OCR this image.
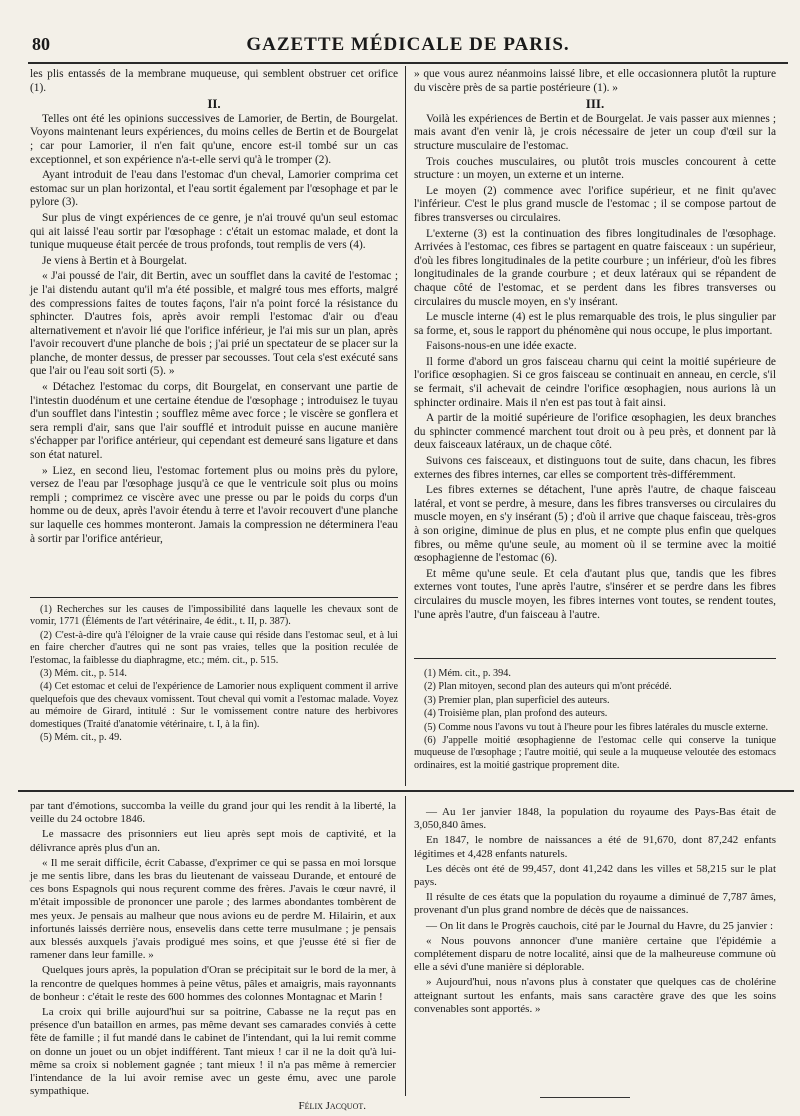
80	GAZETTE MÉDICALE DE PARIS.

les plis entassés de la membrane muqueuse, qui semblent obstruer cet orifice (1).

II.

Telles ont été les opinions successives de Lamorier, de Bertin, de Bourgelat. Voyons maintenant leurs expériences, du moins celles de Bertin et de Bourgelat ; car pour Lamorier, il n'en fait qu'une, encore est-il tombé sur un cas exceptionnel, et son expérience n'a-t-elle servi qu'à le tromper (2).

Ayant introduit de l'eau dans l'estomac d'un cheval, Lamorier comprima cet estomac sur un plan horizontal, et l'eau sortit également par l'œsophage et par le pylore (3).

Sur plus de vingt expériences de ce genre, je n'ai trouvé qu'un seul estomac qui ait laissé l'eau sortir par l'œsophage : c'était un estomac malade, et dont la tunique muqueuse était percée de trous profonds, tout remplis de vers (4).

Je viens à Bertin et à Bourgelat.

« J'ai poussé de l'air, dit Bertin, avec un soufflet dans la cavité de l'estomac ; je l'ai distendu autant qu'il m'a été possible, et malgré tous mes efforts, malgré des compressions faites de toutes façons, l'air n'a point forcé la résistance du sphincter. D'autres fois, après avoir rempli l'estomac d'air ou d'eau alternativement et n'avoir lié que l'orifice inférieur, je l'ai mis sur un plan, après l'avoir recouvert d'une planche de bois ; j'ai prié un spectateur de se placer sur la planche, de monter dessus, de presser par secousses. Tout cela s'est exécuté sans que l'air ou l'eau soit sorti (5). »

« Détachez l'estomac du corps, dit Bourgelat, en conservant une partie de l'intestin duodénum et une certaine étendue de l'œsophage ; introduisez le tuyau d'un soufflet dans l'intestin ; soufflez même avec force ; le viscère se gonflera et sera rempli d'air, sans que l'air soufflé et introduit puisse en aucune manière s'échapper par l'orifice antérieur, qui cependant est demeuré sans ligature et dans son état naturel.

» Liez, en second lieu, l'estomac fortement plus ou moins près du pylore, versez de l'eau par l'œsophage jusqu'à ce que le ventricule soit plus ou moins rempli ; comprimez ce viscère avec une presse ou par le poids du corps d'un homme ou de deux, après l'avoir étendu à terre et l'avoir recouvert d'une planche sur laquelle ces hommes monteront. Jamais la compression ne déterminera l'eau à sortir par l'orifice antérieur,

» que vous aurez néanmoins laissé libre, et elle occasionnera plutôt la rupture du viscère près de sa partie postérieure (1). »

III.

Voilà les expériences de Bertin et de Bourgelat. Je vais passer aux miennes ; mais avant d'en venir là, je crois nécessaire de jeter un coup d'œil sur la structure musculaire de l'estomac.

Trois couches musculaires, ou plutôt trois muscles concourent à cette structure : un moyen, un externe et un interne.

Le moyen (2) commence avec l'orifice supérieur, et ne finit qu'avec l'inférieur. C'est le plus grand muscle de l'estomac ; il se compose partout de fibres transverses ou circulaires.

L'externe (3) est la continuation des fibres longitudinales de l'œsophage. Arrivées à l'estomac, ces fibres se partagent en quatre faisceaux : un supérieur, d'où les fibres longitudinales de la petite courbure ; un inférieur, d'où les fibres longitudinales de la grande courbure ; et deux latéraux qui se répandent de chaque côté de l'estomac, et se perdent dans les fibres transverses ou circulaires du muscle moyen, en s'y insérant.

Le muscle interne (4) est le plus remarquable des trois, le plus singulier par sa forme, et, sous le rapport du phénomène qui nous occupe, le plus important.

Faisons-nous-en une idée exacte.

Il forme d'abord un gros faisceau charnu qui ceint la moitié supérieure de l'orifice œsophagien. Si ce gros faisceau se continuait en anneau, en cercle, s'il se fermait, s'il achevait de ceindre l'orifice œsophagien, nous aurions là un sphincter ordinaire. Mais il n'en est pas tout à fait ainsi.

A partir de la moitié supérieure de l'orifice œsophagien, les deux branches du sphincter commencé marchent tout droit ou à peu près, et donnent par là deux faisceaux latéraux, un de chaque côté.

Suivons ces faisceaux, et distinguons tout de suite, dans chacun, les fibres externes des fibres internes, car elles se comportent très-différemment.

Les fibres externes se détachent, l'une après l'autre, de chaque faisceau latéral, et vont se perdre, à mesure, dans les fibres transverses ou circulaires du muscle moyen, en s'y insérant (5) ; d'où il arrive que chaque faisceau, très-gros à son origine, diminue de plus en plus, et ne compte plus enfin que quelques fibres, ou même qu'une seule, au moment où il se termine avec la moitié œsophagienne de l'estomac (6).

Et même qu'une seule. Et cela d'autant plus que, tandis que les fibres externes vont toutes, l'une après l'autre, s'insérer et se perdre dans les fibres circulaires du muscle moyen, les fibres internes vont toutes, se rendent toutes, l'une après l'autre, d'un faisceau à l'autre.

(1) Recherches sur les causes de l'impossibilité dans laquelle les chevaux sont de vomir, 1771 (Éléments de l'art vétérinaire, 4e édit., t. II, p. 387).

(2) C'est-à-dire qu'à l'éloigner de la vraie cause qui réside dans l'estomac seul, et à lui en faire chercher d'autres qui ne sont pas vraies, telles que la position reculée de l'estomac, la faiblesse du diaphragme, etc.; mém. cit., p. 515.

(3) Mém. cit., p. 514.

(4) Cet estomac et celui de l'expérience de Lamorier nous expliquent comment il arrive quelquefois que des chevaux vomissent. Tout cheval qui vomit a l'estomac malade. Voyez au mémoire de Girard, intitulé : Sur le vomissement contre nature des herbivores domestiques (Traité d'anatomie vétérinaire, t. I, à la fin).

(5) Mém. cit., p. 49.

(1) Mém. cit., p. 394.

(2) Plan mitoyen, second plan des auteurs qui m'ont précédé.

(3) Premier plan, plan superficiel des auteurs.

(4) Troisième plan, plan profond des auteurs.

(5) Comme nous l'avons vu tout à l'heure pour les fibres latérales du muscle externe.

(6) J'appelle moitié œsophagienne de l'estomac celle qui conserve la tunique muqueuse de l'œsophage ; l'autre moitié, qui seule a la muqueuse veloutée des estomacs ordinaires, est la moitié gastrique proprement dite.

par tant d'émotions, succomba la veille du grand jour qui les rendit à la liberté, la veille du 24 octobre 1846.

Le massacre des prisonniers eut lieu après sept mois de captivité, et la délivrance après plus d'un an.

« Il me serait difficile, écrit Cabasse, d'exprimer ce qui se passa en moi lorsque je me sentis libre, dans les bras du lieutenant de vaisseau Durande, et entouré de ces bons Espagnols qui nous reçurent comme des frères. J'avais le cœur navré, il m'était impossible de prononcer une parole ; des larmes abondantes tombèrent de mes yeux. Je pensais au malheur que nous avions eu de perdre M. Hilairin, et aux infortunés laissés derrière nous, ensevelis dans cette terre musulmane ; je pensais aux blessés auxquels j'avais prodigué mes soins, et que j'eusse été si fier de ramener dans leur famille. »

Quelques jours après, la population d'Oran se précipitait sur le bord de la mer, à la rencontre de quelques hommes à peine vêtus, pâles et amaigris, mais rayonnants de bonheur : c'était le reste des 600 hommes des colonnes Montagnac et Marin !

La croix qui brille aujourd'hui sur sa poitrine, Cabasse ne la reçut pas en présence d'un bataillon en armes, pas même devant ses camarades conviés à cette fête de famille ; il fut mandé dans le cabinet de l'intendant, qui la lui remit comme on donne un jouet ou un objet indifférent. Tant mieux ! car il ne la doit qu'à lui-même sa croix si noblement gagnée ; tant mieux ! il n'a pas même à remercier l'intendance de la lui avoir remise avec un geste ému, avec une parole sympathique.

Félix Jacquot.

— Au 1er janvier 1848, la population du royaume des Pays-Bas était de 3,050,840 âmes.

En 1847, le nombre de naissances a été de 91,670, dont 87,242 enfants légitimes et 4,428 enfants naturels.

Les décès ont été de 99,457, dont 41,242 dans les villes et 58,215 sur le plat pays.

Il résulte de ces états que la population du royaume a diminué de 7,787 âmes, provenant d'un plus grand nombre de décès que de naissances.

— On lit dans le Progrès cauchois, cité par le Journal du Havre, du 25 janvier :

« Nous pouvons annoncer d'une manière certaine que l'épidémie a complétement disparu de notre localité, ainsi que de la malheureuse commune où elle a sévi d'une manière si déplorable.

» Aujourd'hui, nous n'avons plus à constater que quelques cas de cholérine atteignant surtout les enfants, mais sans caractère grave des que les soins convenables sont apportés. »
